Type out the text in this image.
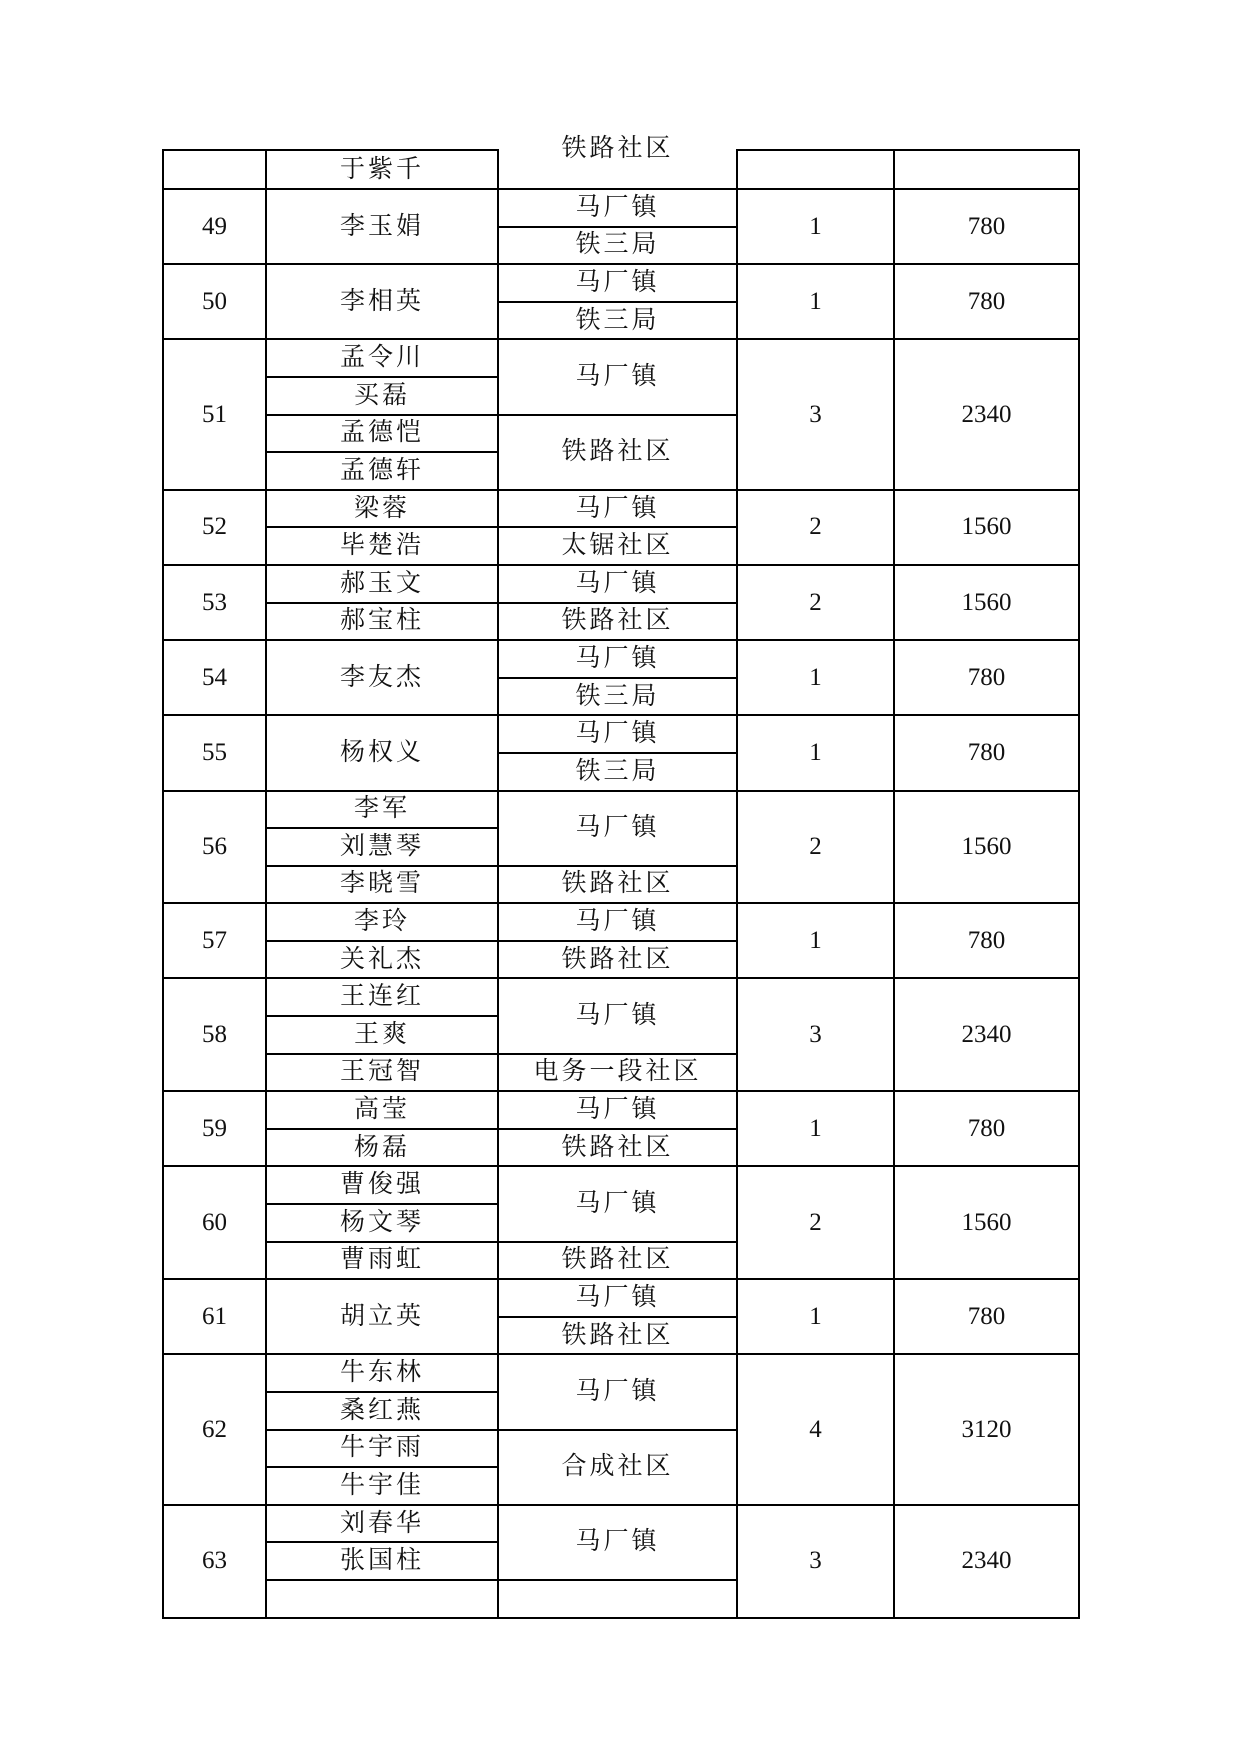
	于紫千	
铁路社区

49	李玉娟	马厂镇	1	780
铁三局
50	李相英	马厂镇	1	780
铁三局
51	孟令川	马厂镇	3	2340
买磊
孟德恺	铁路社区
孟德轩
52	梁蓉	马厂镇	2	1560
毕楚浩	太锯社区
53	郝玉文	马厂镇	2	1560
郝宝柱	铁路社区
54	李友杰	马厂镇	1	780
铁三局
55	杨权义	马厂镇	1	780
铁三局
56	李军	马厂镇	2	1560
刘慧琴
李晓雪	铁路社区
57	李玲	马厂镇	1	780
关礼杰	铁路社区
58	王连红	马厂镇	3	2340
王爽
王冠智	电务一段社区
59	高莹	马厂镇	1	780
杨磊	铁路社区
60	曹俊强	马厂镇	2	1560
杨文琴
曹雨虹	铁路社区
61	胡立英	马厂镇	1	780
铁路社区
62	牛东林	马厂镇	4	3120
桑红燕
牛宇雨	合成社区
牛宇佳
63	刘春华	马厂镇	3	2340
张国柱
